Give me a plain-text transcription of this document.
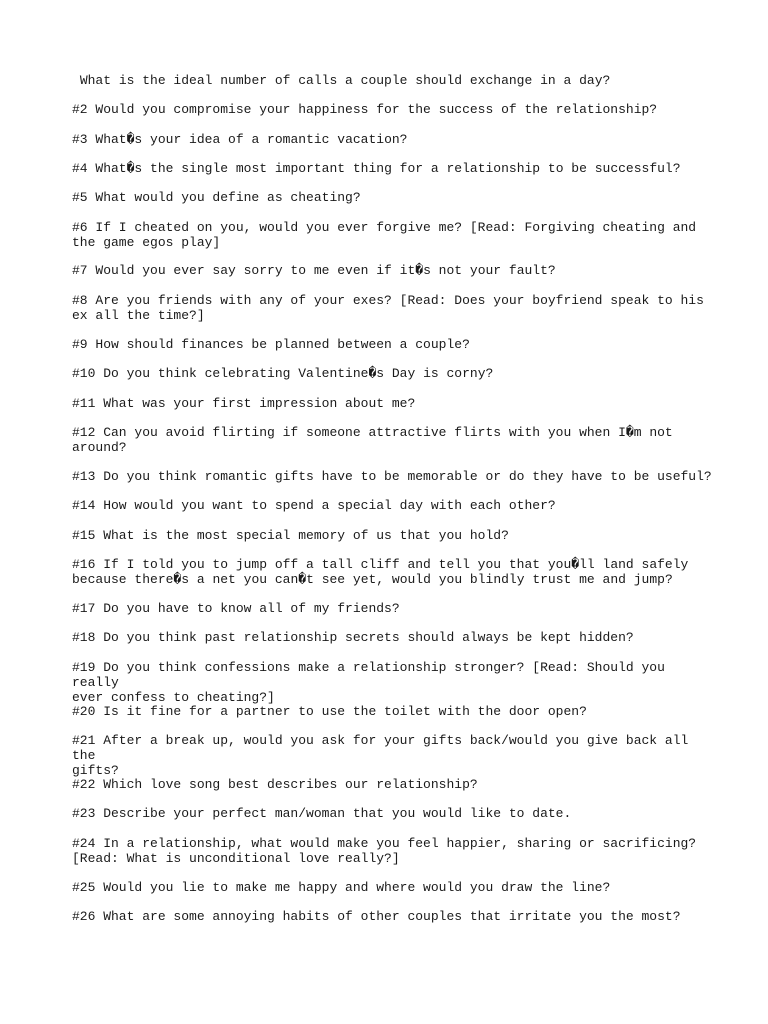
What is the ideal number of calls a couple should exchange in a day?

#2 Would you compromise your happiness for the success of the relationship?

#3 What�s your idea of a romantic vacation?

#4 What�s the single most important thing for a relationship to be successful?

#5 What would you define as cheating?

#6 If I cheated on you, would you ever forgive me? [Read: Forgiving cheating and
the game egos play]

#7 Would you ever say sorry to me even if it�s not your fault?

#8 Are you friends with any of your exes? [Read: Does your boyfriend speak to his
ex all the time?]

#9 How should finances be planned between a couple?

#10 Do you think celebrating Valentine�s Day is corny?

#11 What was your first impression about me?

#12 Can you avoid flirting if someone attractive flirts with you when I�m not
around?

#13 Do you think romantic gifts have to be memorable or do they have to be useful?

#14 How would you want to spend a special day with each other?

#15 What is the most special memory of us that you hold?

#16 If I told you to jump off a tall cliff and tell you that you�ll land safely
because there�s a net you can�t see yet, would you blindly trust me and jump?

#17 Do you have to know all of my friends?

#18 Do you think past relationship secrets should always be kept hidden?

#19 Do you think confessions make a relationship stronger? [Read: Should you really
ever confess to cheating?]

#20 Is it fine for a partner to use the toilet with the door open?

#21 After a break up, would you ask for your gifts back/would you give back all the
gifts?

#22 Which love song best describes our relationship?

#23 Describe your perfect man/woman that you would like to date.

#24 In a relationship, what would make you feel happier, sharing or sacrificing?
[Read: What is unconditional love really?]

#25 Would you lie to make me happy and where would you draw the line?

#26 What are some annoying habits of other couples that irritate you the most?
